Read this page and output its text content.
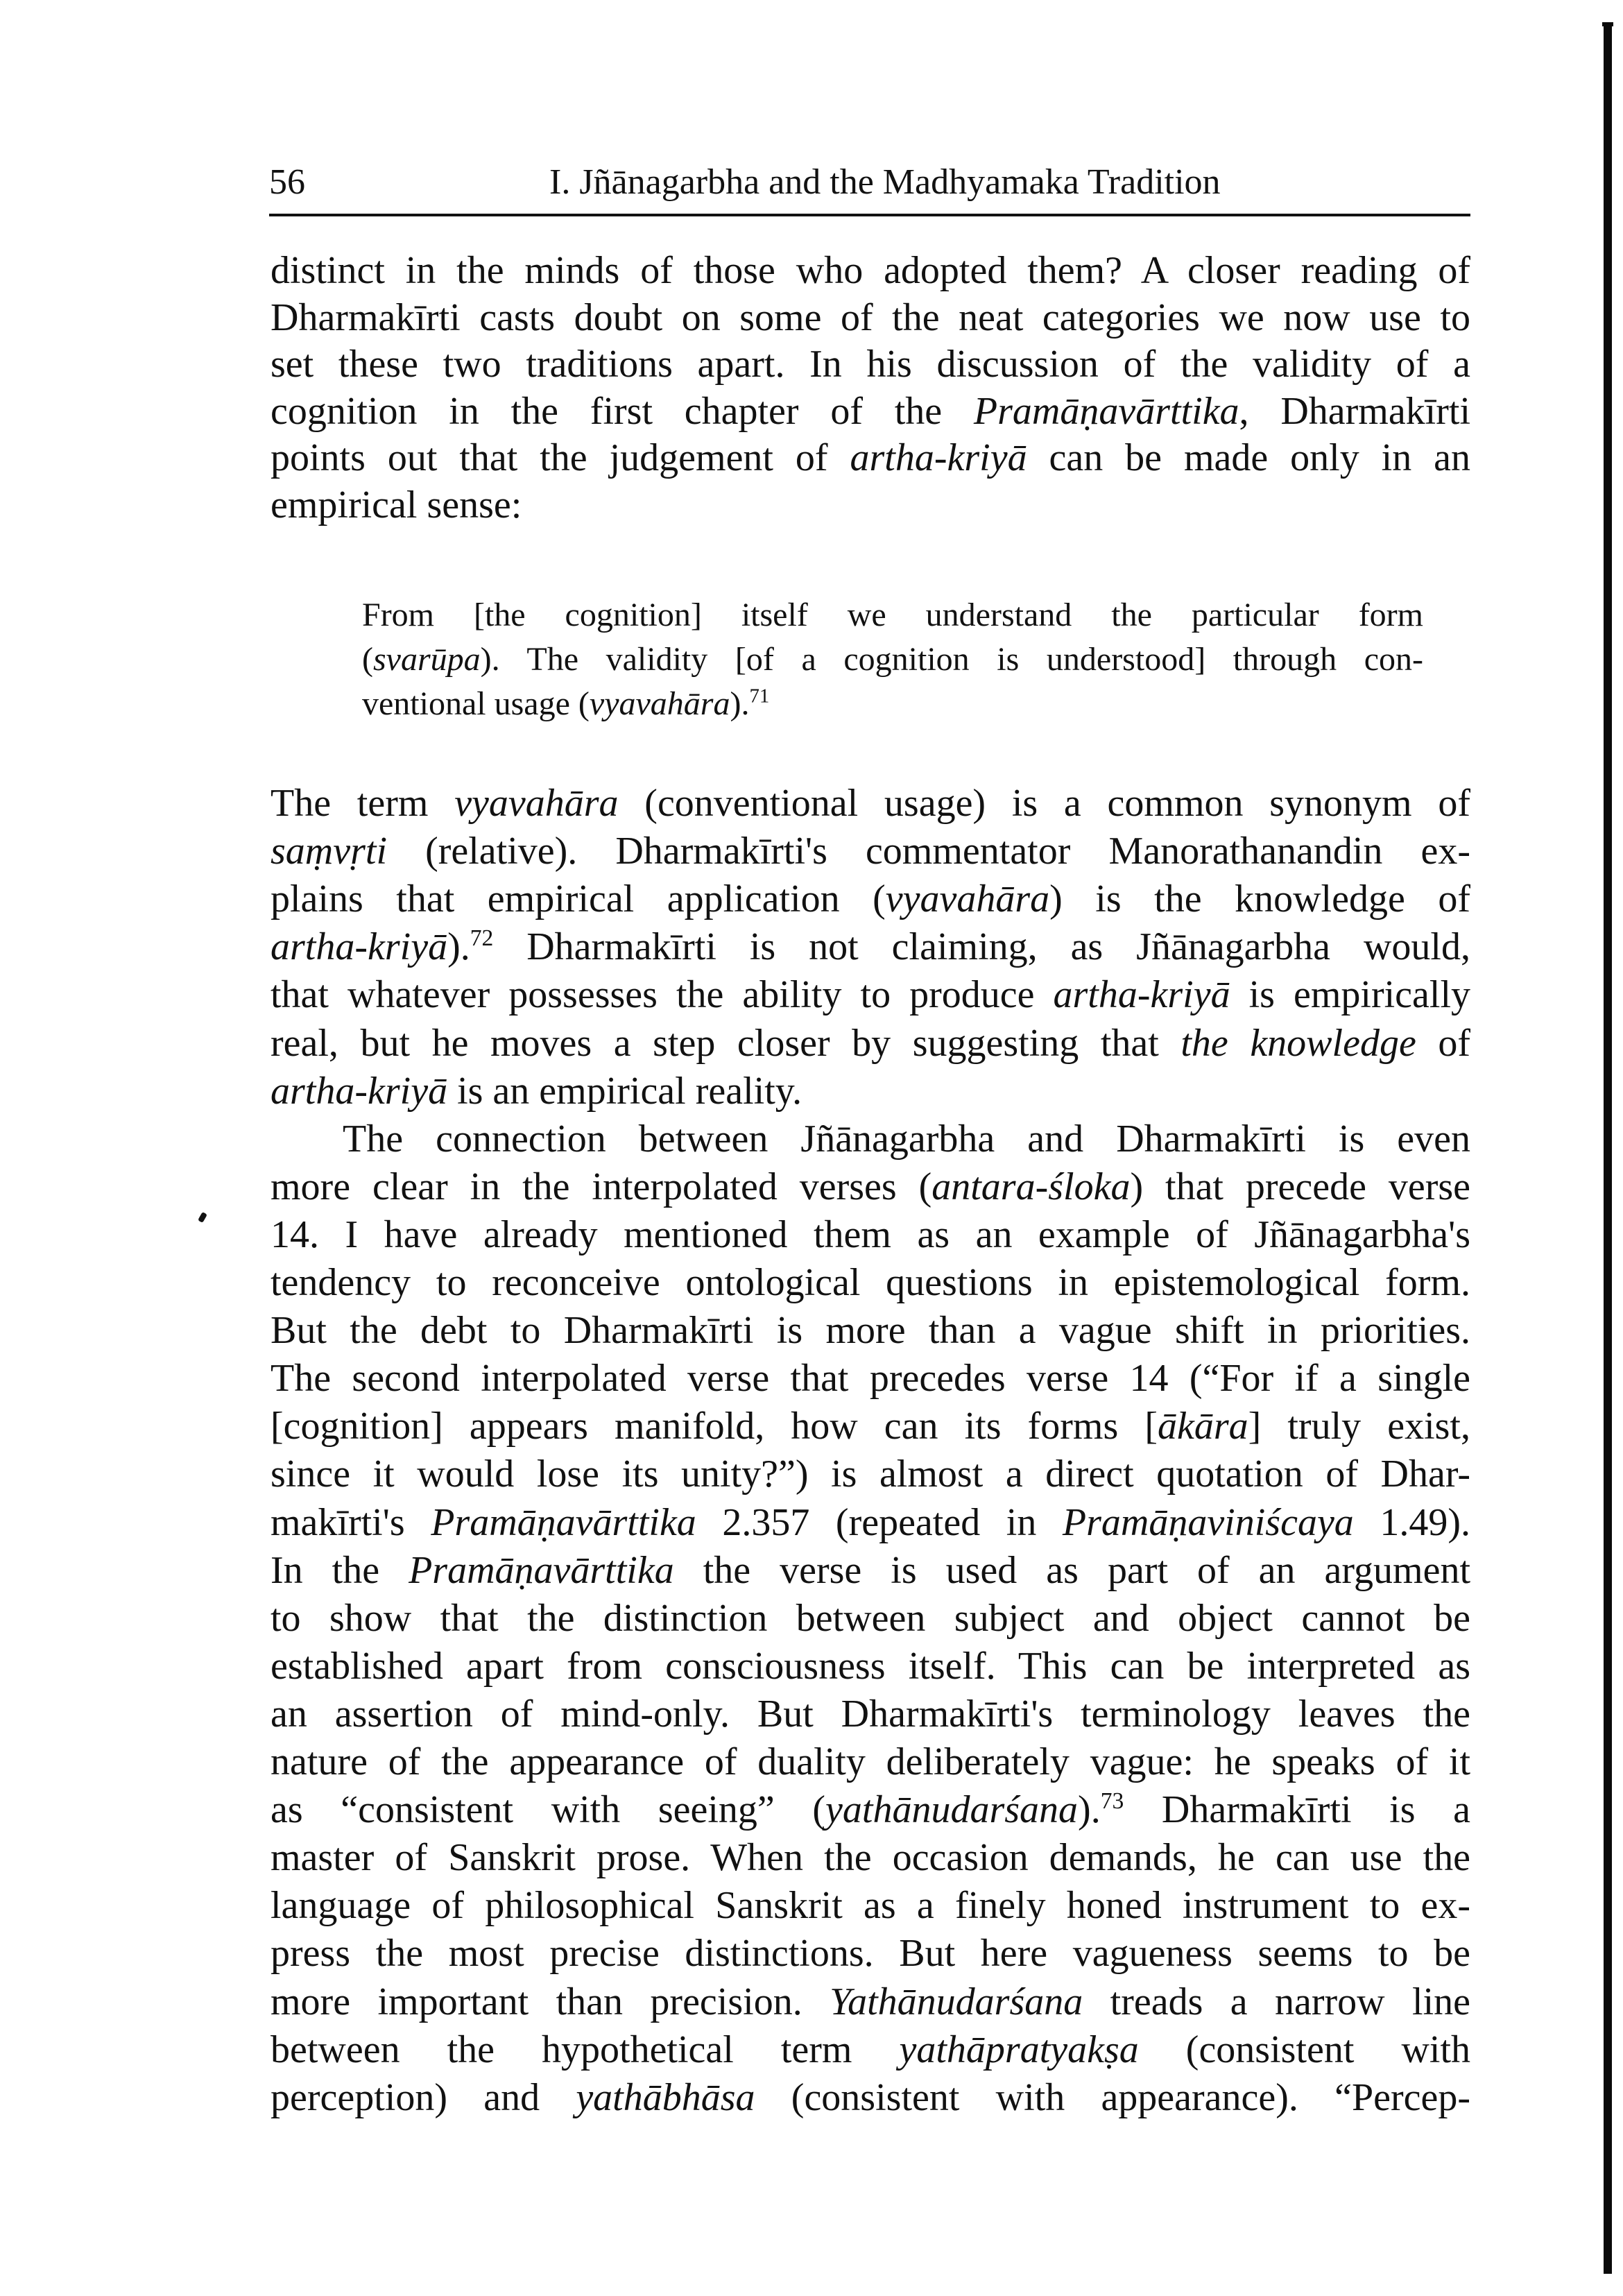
56	I. Jñānagarbha and the Madhyamaka Tradition
distinct in the minds of those who adopted them? A closer reading of
Dharmakīrti casts doubt on some of the neat categories we now use to
set these two traditions apart. In his discussion of the validity of a
cognition in the first chapter of the Pramāṇavārttika, Dharmakīrti
points out that the judgement of artha-kriyā can be made only in an
empirical sense:
From [the cognition] itself we understand the particular form
(svarūpa). The validity [of a cognition is understood] through con-
ventional usage (vyavahāra).$^{71}$
The term vyavahāra (conventional usage) is a common synonym of
saṃvṛti (relative). Dharmakīrti's commentator Manorathanandin ex-
plains that empirical application (vyavahāra) is the knowledge of
artha-kriyā).$^{72}$ Dharmakīrti is not claiming, as Jñānagarbha would,
that whatever possesses the ability to produce artha-kriyā is empirically
real, but he moves a step closer by suggesting that the knowledge of
artha-kriyā is an empirical reality.
The connection between Jñānagarbha and Dharmakīrti is even
more clear in the interpolated verses (antara-śloka) that precede verse
14. I have already mentioned them as an example of Jñānagarbha's
tendency to reconceive ontological questions in epistemological form.
But the debt to Dharmakīrti is more than a vague shift in priorities.
The second interpolated verse that precedes verse 14 (“For if a single
[cognition] appears manifold, how can its forms [ākāra] truly exist,
since it would lose its unity?”) is almost a direct quotation of Dhar-
makīrti's Pramāṇavārttika 2.357 (repeated in Pramāṇaviniścaya 1.49).
In the Pramāṇavārttika the verse is used as part of an argument
to show that the distinction between subject and object cannot be
established apart from consciousness itself. This can be interpreted as
an assertion of mind-only. But Dharmakīrti's terminology leaves the
nature of the appearance of duality deliberately vague: he speaks of it
as “consistent with seeing” (yathānudarśana).$^{73}$ Dharmakīrti is a
master of Sanskrit prose. When the occasion demands, he can use the
language of philosophical Sanskrit as a finely honed instrument to ex-
press the most precise distinctions. But here vagueness seems to be
more important than precision. Yathānudarśana treads a narrow line
between the hypothetical term yathāpratyakṣa (consistent with
perception) and yathābhāsa (consistent with appearance). “Percep-
